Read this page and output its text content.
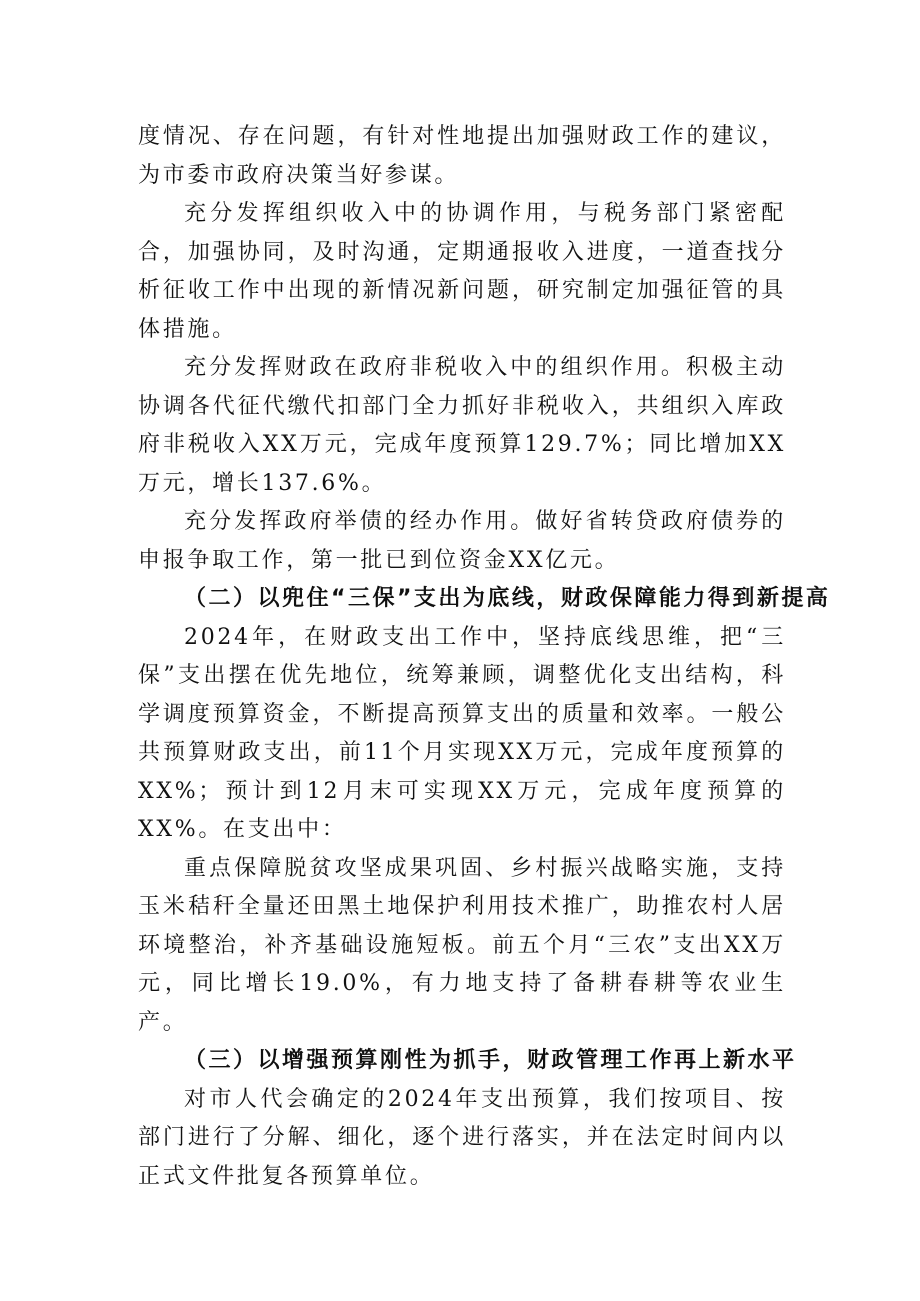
度情况、存在问题，有针对性地提出加强财政工作的建议，为市委市政府决策当好参谋。

充分发挥组织收入中的协调作用，与税务部门紧密配合，加强协同，及时沟通，定期通报收入进度，一道查找分析征收工作中出现的新情况新问题，研究制定加强征管的具体措施。

充分发挥财政在政府非税收入中的组织作用。积极主动协调各代征代缴代扣部门全力抓好非税收入，共组织入库政府非税收入XX万元，完成年度预算129.7%；同比增加XX万元，增长137.6%。

充分发挥政府举债的经办作用。做好省转贷政府债券的申报争取工作，第一批已到位资金XX亿元。

（二）以兜住“三保”支出为底线，财政保障能力得到新提高

2024年，在财政支出工作中，坚持底线思维，把“三保”支出摆在优先地位，统筹兼顾，调整优化支出结构，科学调度预算资金，不断提高预算支出的质量和效率。一般公共预算财政支出，前11个月实现XX万元，完成年度预算的XX%；预计到12月末可实现XX万元，完成年度预算的XX%。在支出中：

重点保障脱贫攻坚成果巩固、乡村振兴战略实施，支持玉米秸秆全量还田黑土地保护利用技术推广，助推农村人居环境整治，补齐基础设施短板。前五个月“三农”支出XX万元，同比增长19.0%，有力地支持了备耕春耕等农业生产。

（三）以增强预算刚性为抓手，财政管理工作再上新水平

对市人代会确定的2024年支出预算，我们按项目、按部门进行了分解、细化，逐个进行落实，并在法定时间内以正式文件批复各预算单位。
